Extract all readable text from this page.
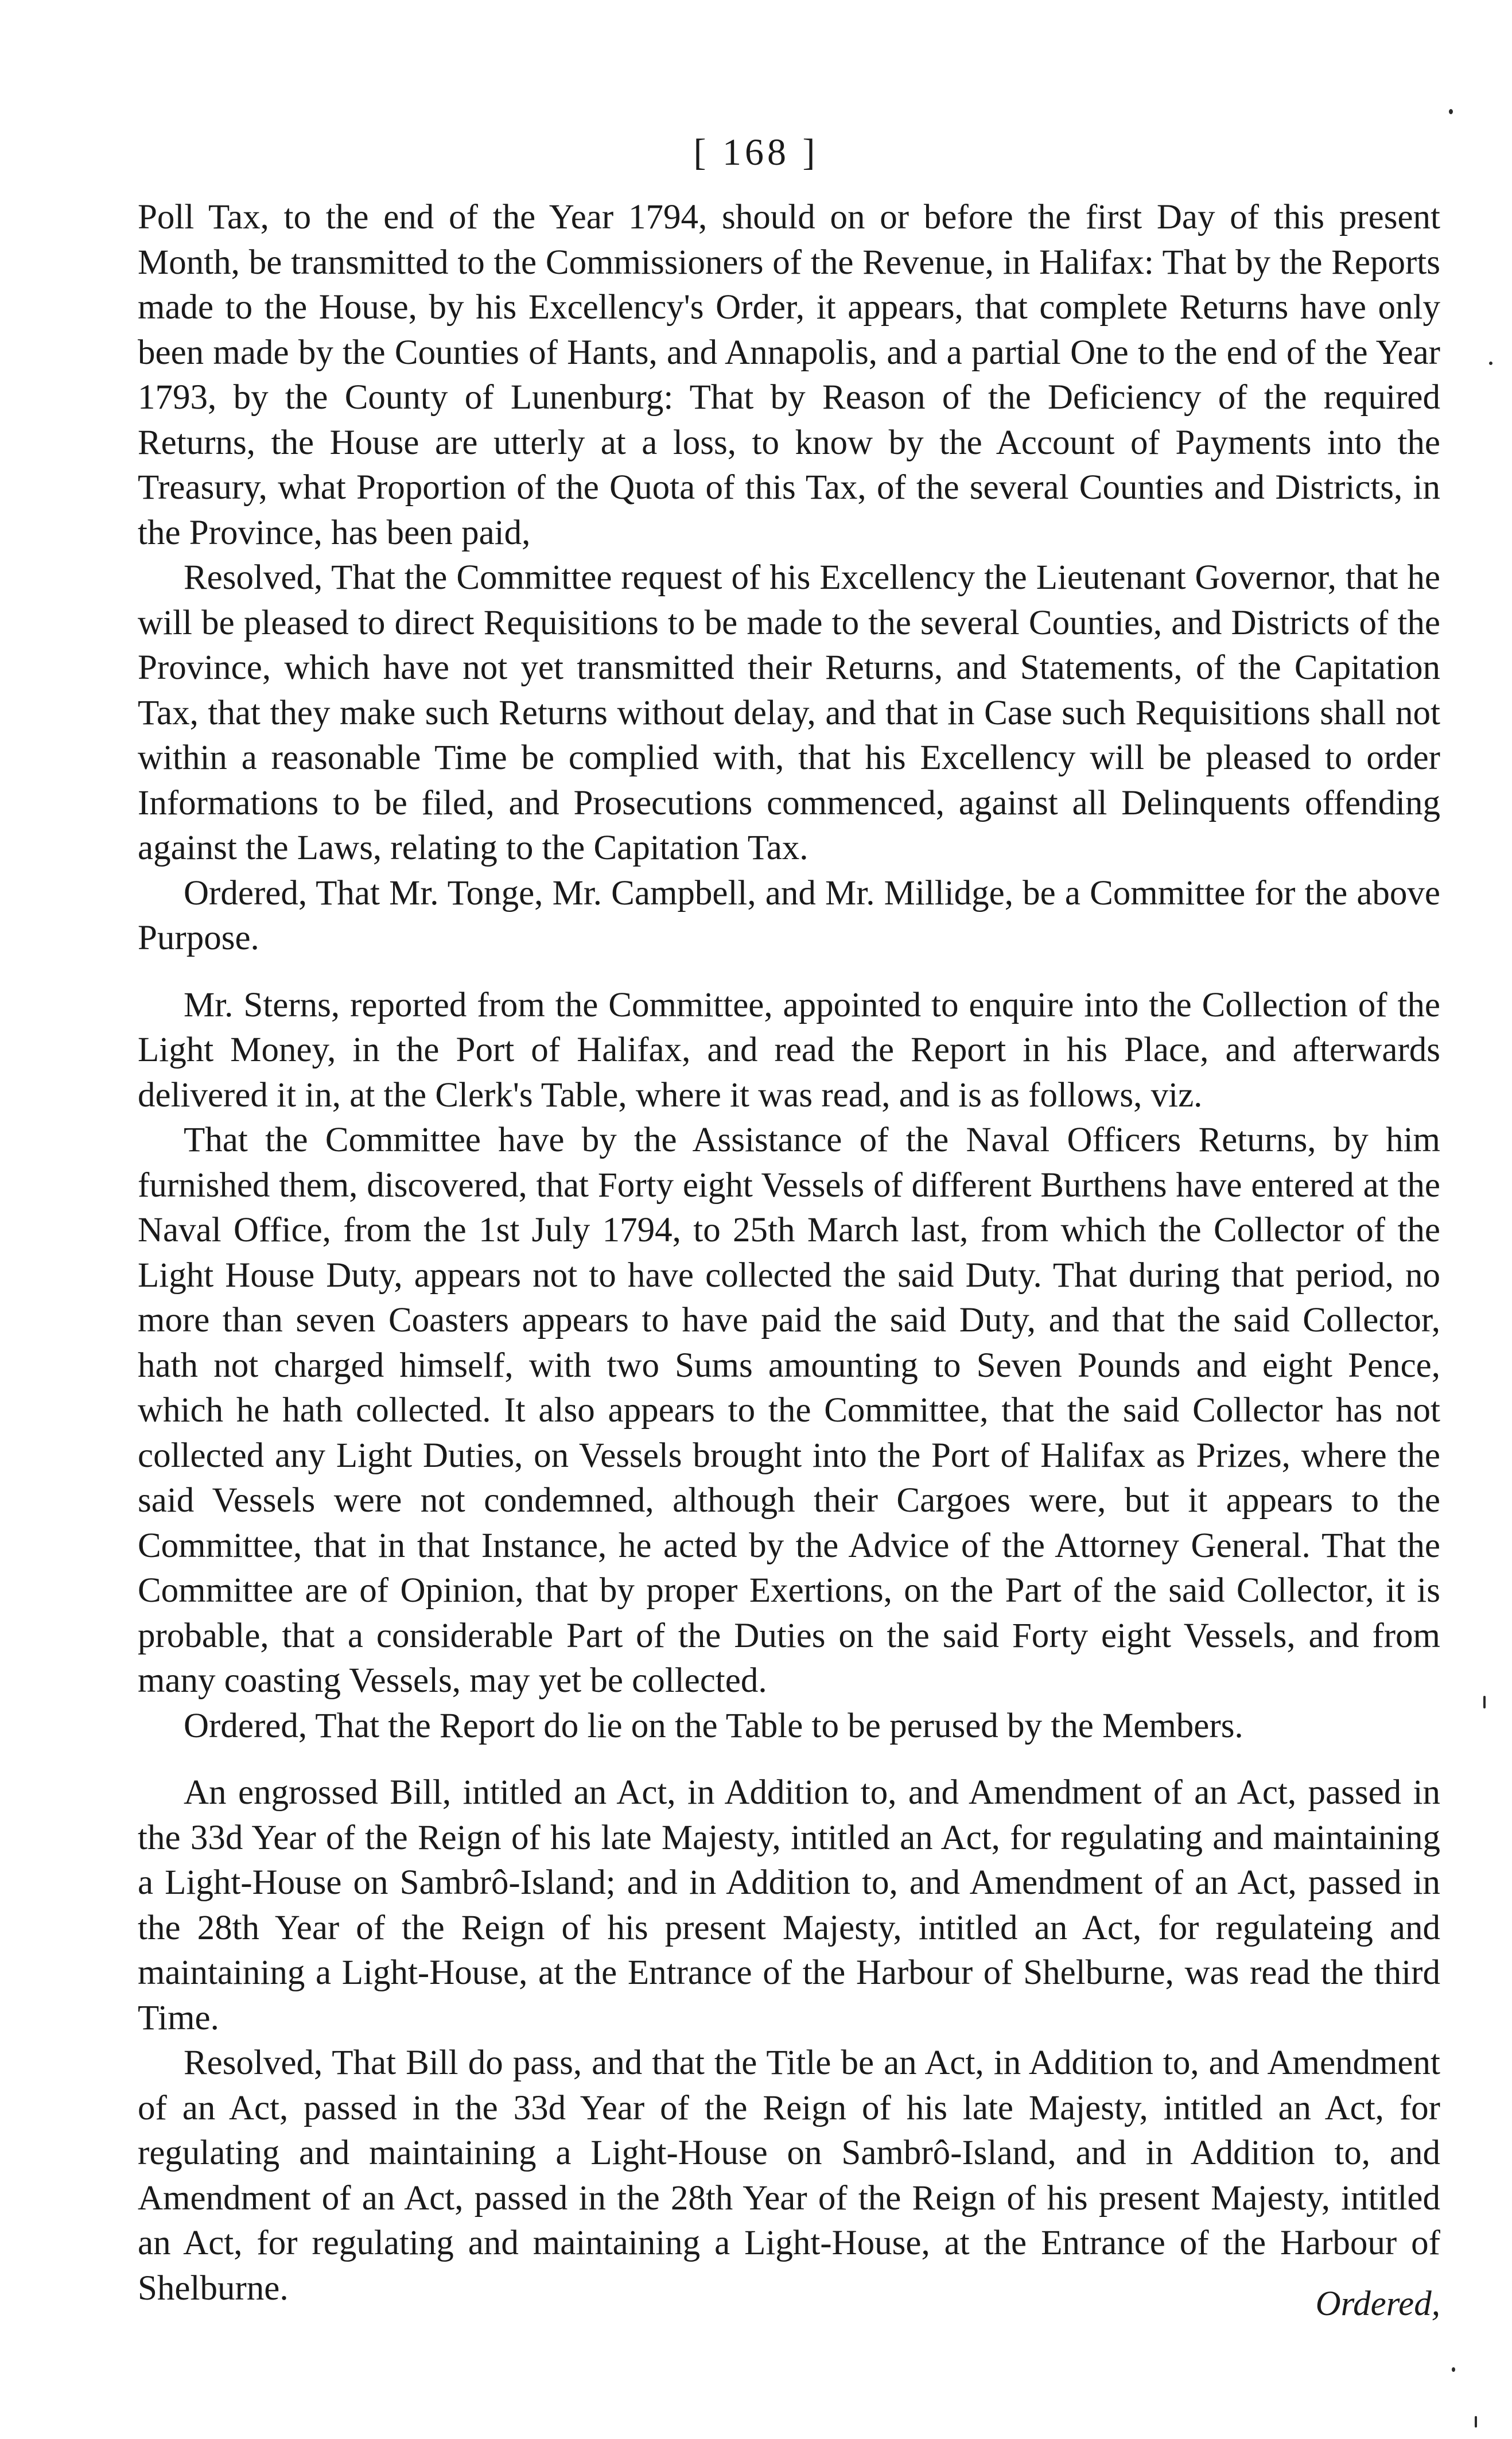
[ 168 ]

Poll Tax, to the end of the Year 1794, should on or before the first Day of this present Month, be transmitted to the Commissioners of the Revenue, in Halifax: That by the Reports made to the House, by his Excellency's Order, it appears, that complete Returns have only been made by the Counties of Hants, and Annapolis, and a partial One to the end of the Year 1793, by the County of Lunenburg: That by Reason of the Deficiency of the required Returns, the House are utterly at a loss, to know by the Account of Payments into the Treasury, what Proportion of the Quota of this Tax, of the several Counties and Districts, in the Province, has been paid,

Resolved, That the Committee request of his Excellency the Lieutenant Governor, that he will be pleased to direct Requisitions to be made to the several Counties, and Districts of the Province, which have not yet transmitted their Returns, and Statements, of the Capitation Tax, that they make such Returns without delay, and that in Case such Requisitions shall not within a reasonable Time be complied with, that his Excellency will be pleased to order Informations to be filed, and Prosecutions commenced, against all Delinquents offending against the Laws, relating to the Capitation Tax.

Ordered, That Mr. Tonge, Mr. Campbell, and Mr. Millidge, be a Committee for the above Purpose.

Mr. Sterns, reported from the Committee, appointed to enquire into the Collection of the Light Money, in the Port of Halifax, and read the Report in his Place, and afterwards delivered it in, at the Clerk's Table, where it was read, and is as follows, viz.

That the Committee have by the Assistance of the Naval Officers Returns, by him furnished them, discovered, that Forty eight Vessels of different Burthens have entered at the Naval Office, from the 1st July 1794, to 25th March last, from which the Collector of the Light House Duty, appears not to have collected the said Duty. That during that period, no more than seven Coasters appears to have paid the said Duty, and that the said Collector, hath not charged himself, with two Sums amounting to Seven Pounds and eight Pence, which he hath collected. It also appears to the Committee, that the said Collector has not collected any Light Duties, on Vessels brought into the Port of Halifax as Prizes, where the said Vessels were not condemned, although their Cargoes were, but it appears to the Committee, that in that Instance, he acted by the Advice of the Attorney General. That the Committee are of Opinion, that by proper Exertions, on the Part of the said Collector, it is probable, that a considerable Part of the Duties on the said Forty eight Vessels, and from many coasting Vessels, may yet be collected.

Ordered, That the Report do lie on the Table to be perused by the Members.

An engrossed Bill, intitled an Act, in Addition to, and Amendment of an Act, passed in the 33d Year of the Reign of his late Majesty, intitled an Act, for regulating and maintaining a Light-House on Sambrô-Island; and in Addition to, and Amendment of an Act, passed in the 28th Year of the Reign of his present Majesty, intitled an Act, for regulateing and maintaining a Light-House, at the Entrance of the Harbour of Shelburne, was read the third Time.

Resolved, That Bill do pass, and that the Title be an Act, in Addition to, and Amendment of an Act, passed in the 33d Year of the Reign of his late Majesty, intitled an Act, for regulating and maintaining a Light-House on Sambrô-Island, and in Addition to, and Amendment of an Act, passed in the 28th Year of the Reign of his present Majesty, intitled an Act, for regulating and maintaining a Light-House, at the Entrance of the Harbour of Shelburne.	Ordered,
